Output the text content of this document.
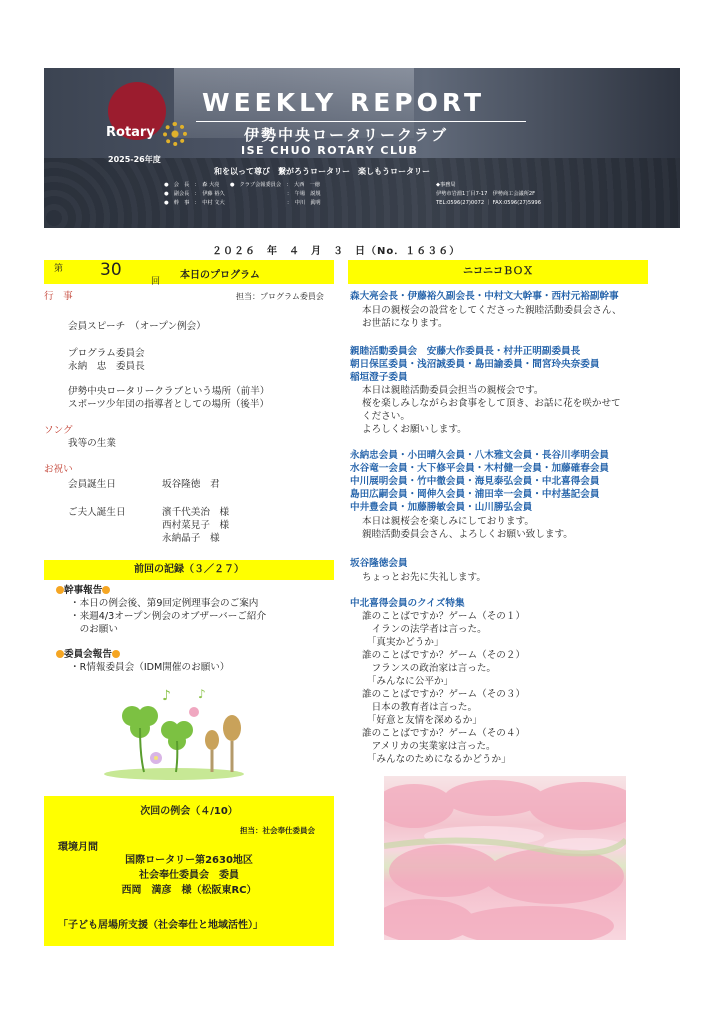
Rotary
2025-26年度
WEEKLY REPORT
伊勢中央ロータリークラブ
ISE CHUO ROTARY CLUB
和を以って尊び　繋がろうロータリー　楽しもうロータリー
●　会　長　：　森 大亮　　●　クラブ会報委員会　：　大西　一徳
●　副会長　：　伊藤 裕久　　　　　　　　　　　　：　午場　説規
●　幹　事　：　中村 文大　　　　　　　　　　　　：　中川　眞明
◆事務局
伊勢市岩淵1丁目7-17　伊勢商工会議所2F
TEL:0596(27)0072 ｜ FAX:0596(27)5996
２０２６　年　４　月　３　日（No．１６３６）
第 30
回
本日のプログラム
行　事	担当：プログラム委員会
会員スピーチ　（オープン例会）
プログラム委員会
永納　忠　委員長
伊勢中央ロータリークラブという場所（前半）
スポーツ少年団の指導者としての場所（後半）
ソング
我等の生業
お祝い
会員誕生日	坂谷隆徳　君
ご夫人誕生日	濱千代美治　様
西村菜見子　様
永納晶子　様
前回の記録（３／２７）
幹事報告
・本日の例会後、第9回定例理事会のご案内
・来週4/3オープン例会のオブザーバーご紹介
　のお願い
委員会報告
・R情報委員会（IDM開催のお願い）
♪ ♪
次回の例会（４/10）
担当：社会奉仕委員会
環境月間
国際ロータリー第2630地区
社会奉仕委員会　委員
西岡　満彦　様（松阪東RC）
「子ども居場所支援（社会奉仕と地域活性）」
ニコニコＢＯＸ
森大亮会長・伊藤裕久副会長・中村文大幹事・西村元裕副幹事
本日の親桜会の設営をしてくださった親睦活動委員会さん、
お世話になります。
親睦活動委員会　安藤大作委員長・村井正明副委員長
朝日保匡委員・浅沼誠委員・島田諭委員・間宮玲央奈委員
稲垣澄子委員
本日は親睦活動委員会担当の親桜会です。
桜を楽しみしながらお食事をして頂き、お話に花を咲かせて
ください。
よろしくお願いします。
永納忠会員・小田晴久会員・八木雅文会員・長谷川孝明会員
水谷竜一会員・大下修平会員・木村健一会員・加藤確春会員
中川展明会員・竹中徹会員・海見泰弘会員・中北喜得会員
島田広嗣会員・岡伸久会員・浦田幸一会員・中村基記会員
中井豊会員・加藤勝敏会員・山川勝弘会員
本日は親桜会を楽しみにしております。
親睦活動委員会さん、よろしくお願い致します。
坂谷隆徳会員
ちょっとお先に失礼します。
中北喜得会員のクイズ特集
誰のことばですか？ゲーム（その１）
　イランの法学者は言った。
　「真実かどうか」
誰のことばですか？ゲーム（その２）
　フランスの政治家は言った。
　「みんなに公平か」
誰のことばですか？ゲーム（その３）
　日本の教育者は言った。
　「好意と友情を深めるか」
誰のことばですか？ゲーム（その４）
　アメリカの実業家は言った。
　「みんなのためになるかどうか」
